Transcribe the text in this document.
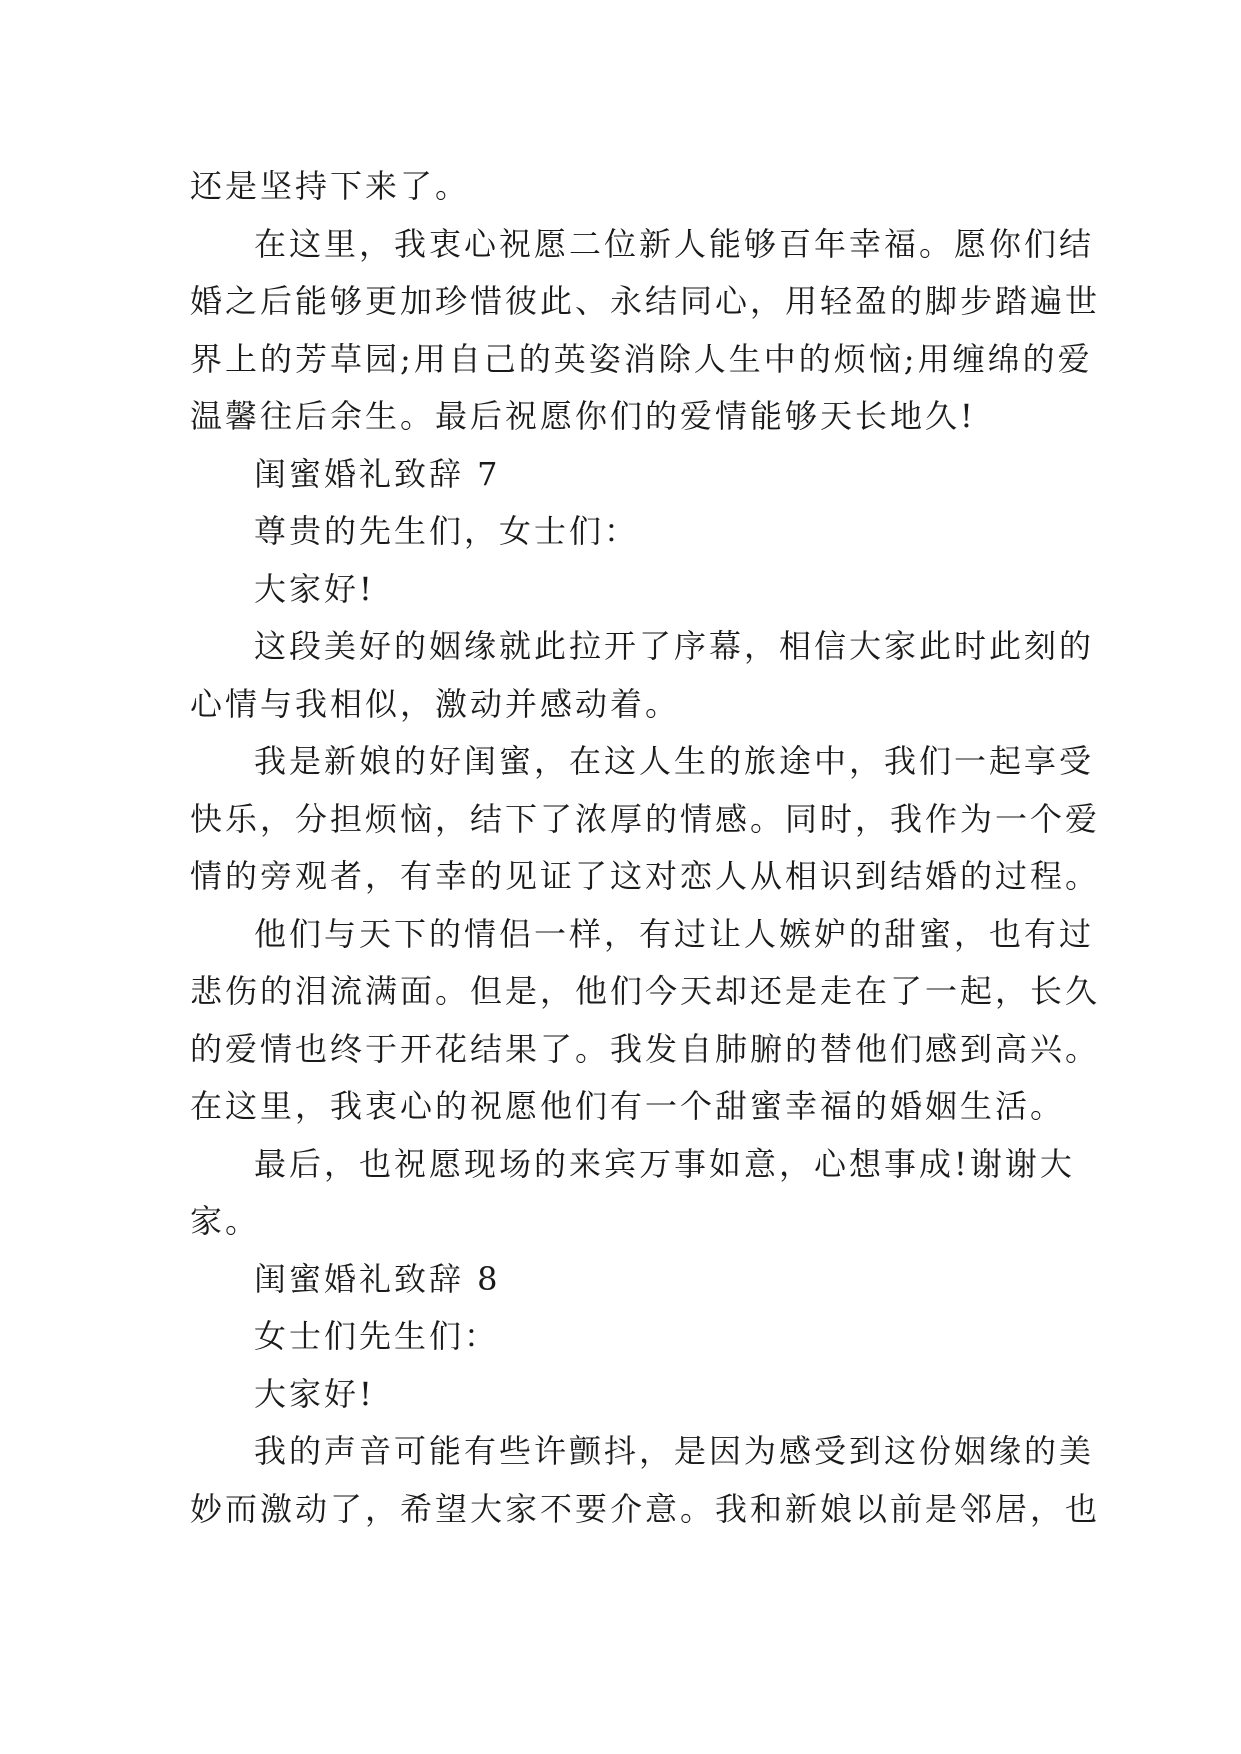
还是坚持下来了。

在这里，我衷心祝愿二位新人能够百年幸福。愿你们结
婚之后能够更加珍惜彼此、永结同心，用轻盈的脚步踏遍世
界上的芳草园;用自己的英姿消除人生中的烦恼;用缠绵的爱
温馨往后余生。最后祝愿你们的爱情能够天长地久!

闺蜜婚礼致辞 7

尊贵的先生们，女士们：

大家好!

这段美好的姻缘就此拉开了序幕，相信大家此时此刻的
心情与我相似，激动并感动着。

我是新娘的好闺蜜，在这人生的旅途中，我们一起享受
快乐，分担烦恼，结下了浓厚的情感。同时，我作为一个爱
情的旁观者，有幸的见证了这对恋人从相识到结婚的过程。

他们与天下的情侣一样，有过让人嫉妒的甜蜜，也有过
悲伤的泪流满面。但是，他们今天却还是走在了一起，长久
的爱情也终于开花结果了。我发自肺腑的替他们感到高兴。
在这里，我衷心的祝愿他们有一个甜蜜幸福的婚姻生活。

最后，也祝愿现场的来宾万事如意，心想事成!谢谢大
家。

闺蜜婚礼致辞 8

女士们先生们：

大家好!

我的声音可能有些许颤抖，是因为感受到这份姻缘的美
妙而激动了，希望大家不要介意。我和新娘以前是邻居，也
